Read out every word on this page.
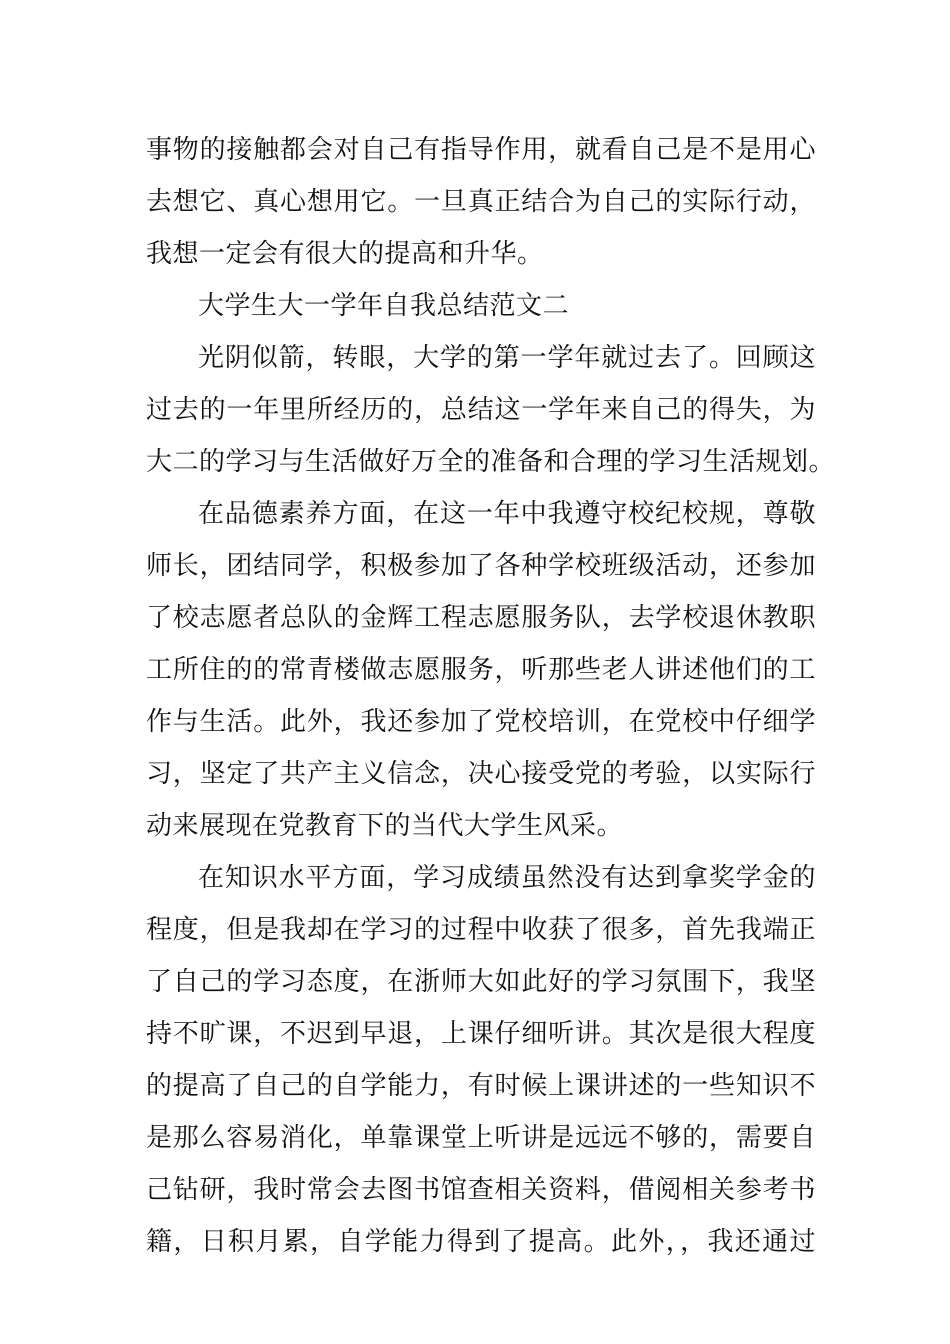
事物的接触都会对自己有指导作用，就看自己是不是用心
去想它、真心想用它。一旦真正结合为自己的实际行动，
我想一定会有很大的提高和升华。
大学生大一学年自我总结范文二
光阴似箭，转眼，大学的第一学年就过去了。回顾这
过去的一年里所经历的，总结这一学年来自己的得失，为
大二的学习与生活做好万全的准备和合理的学习生活规划。
在品德素养方面，在这一年中我遵守校纪校规，尊敬
师长，团结同学，积极参加了各种学校班级活动，还参加
了校志愿者总队的金辉工程志愿服务队，去学校退休教职
工所住的的常青楼做志愿服务，听那些老人讲述他们的工
作与生活。此外，我还参加了党校培训，在党校中仔细学
习，坚定了共产主义信念，决心接受党的考验，以实际行
动来展现在党教育下的当代大学生风采。
在知识水平方面，学习成绩虽然没有达到拿奖学金的
程度，但是我却在学习的过程中收获了很多，首先我端正
了自己的学习态度，在浙师大如此好的学习氛围下，我坚
持不旷课，不迟到早退，上课仔细听讲。其次是很大程度
的提高了自己的自学能力，有时候上课讲述的一些知识不
是那么容易消化，单靠课堂上听讲是远远不够的，需要自
己钻研，我时常会去图书馆查相关资料，借阅相关参考书
籍，日积月累，自学能力得到了提高。此外，，我还通过
